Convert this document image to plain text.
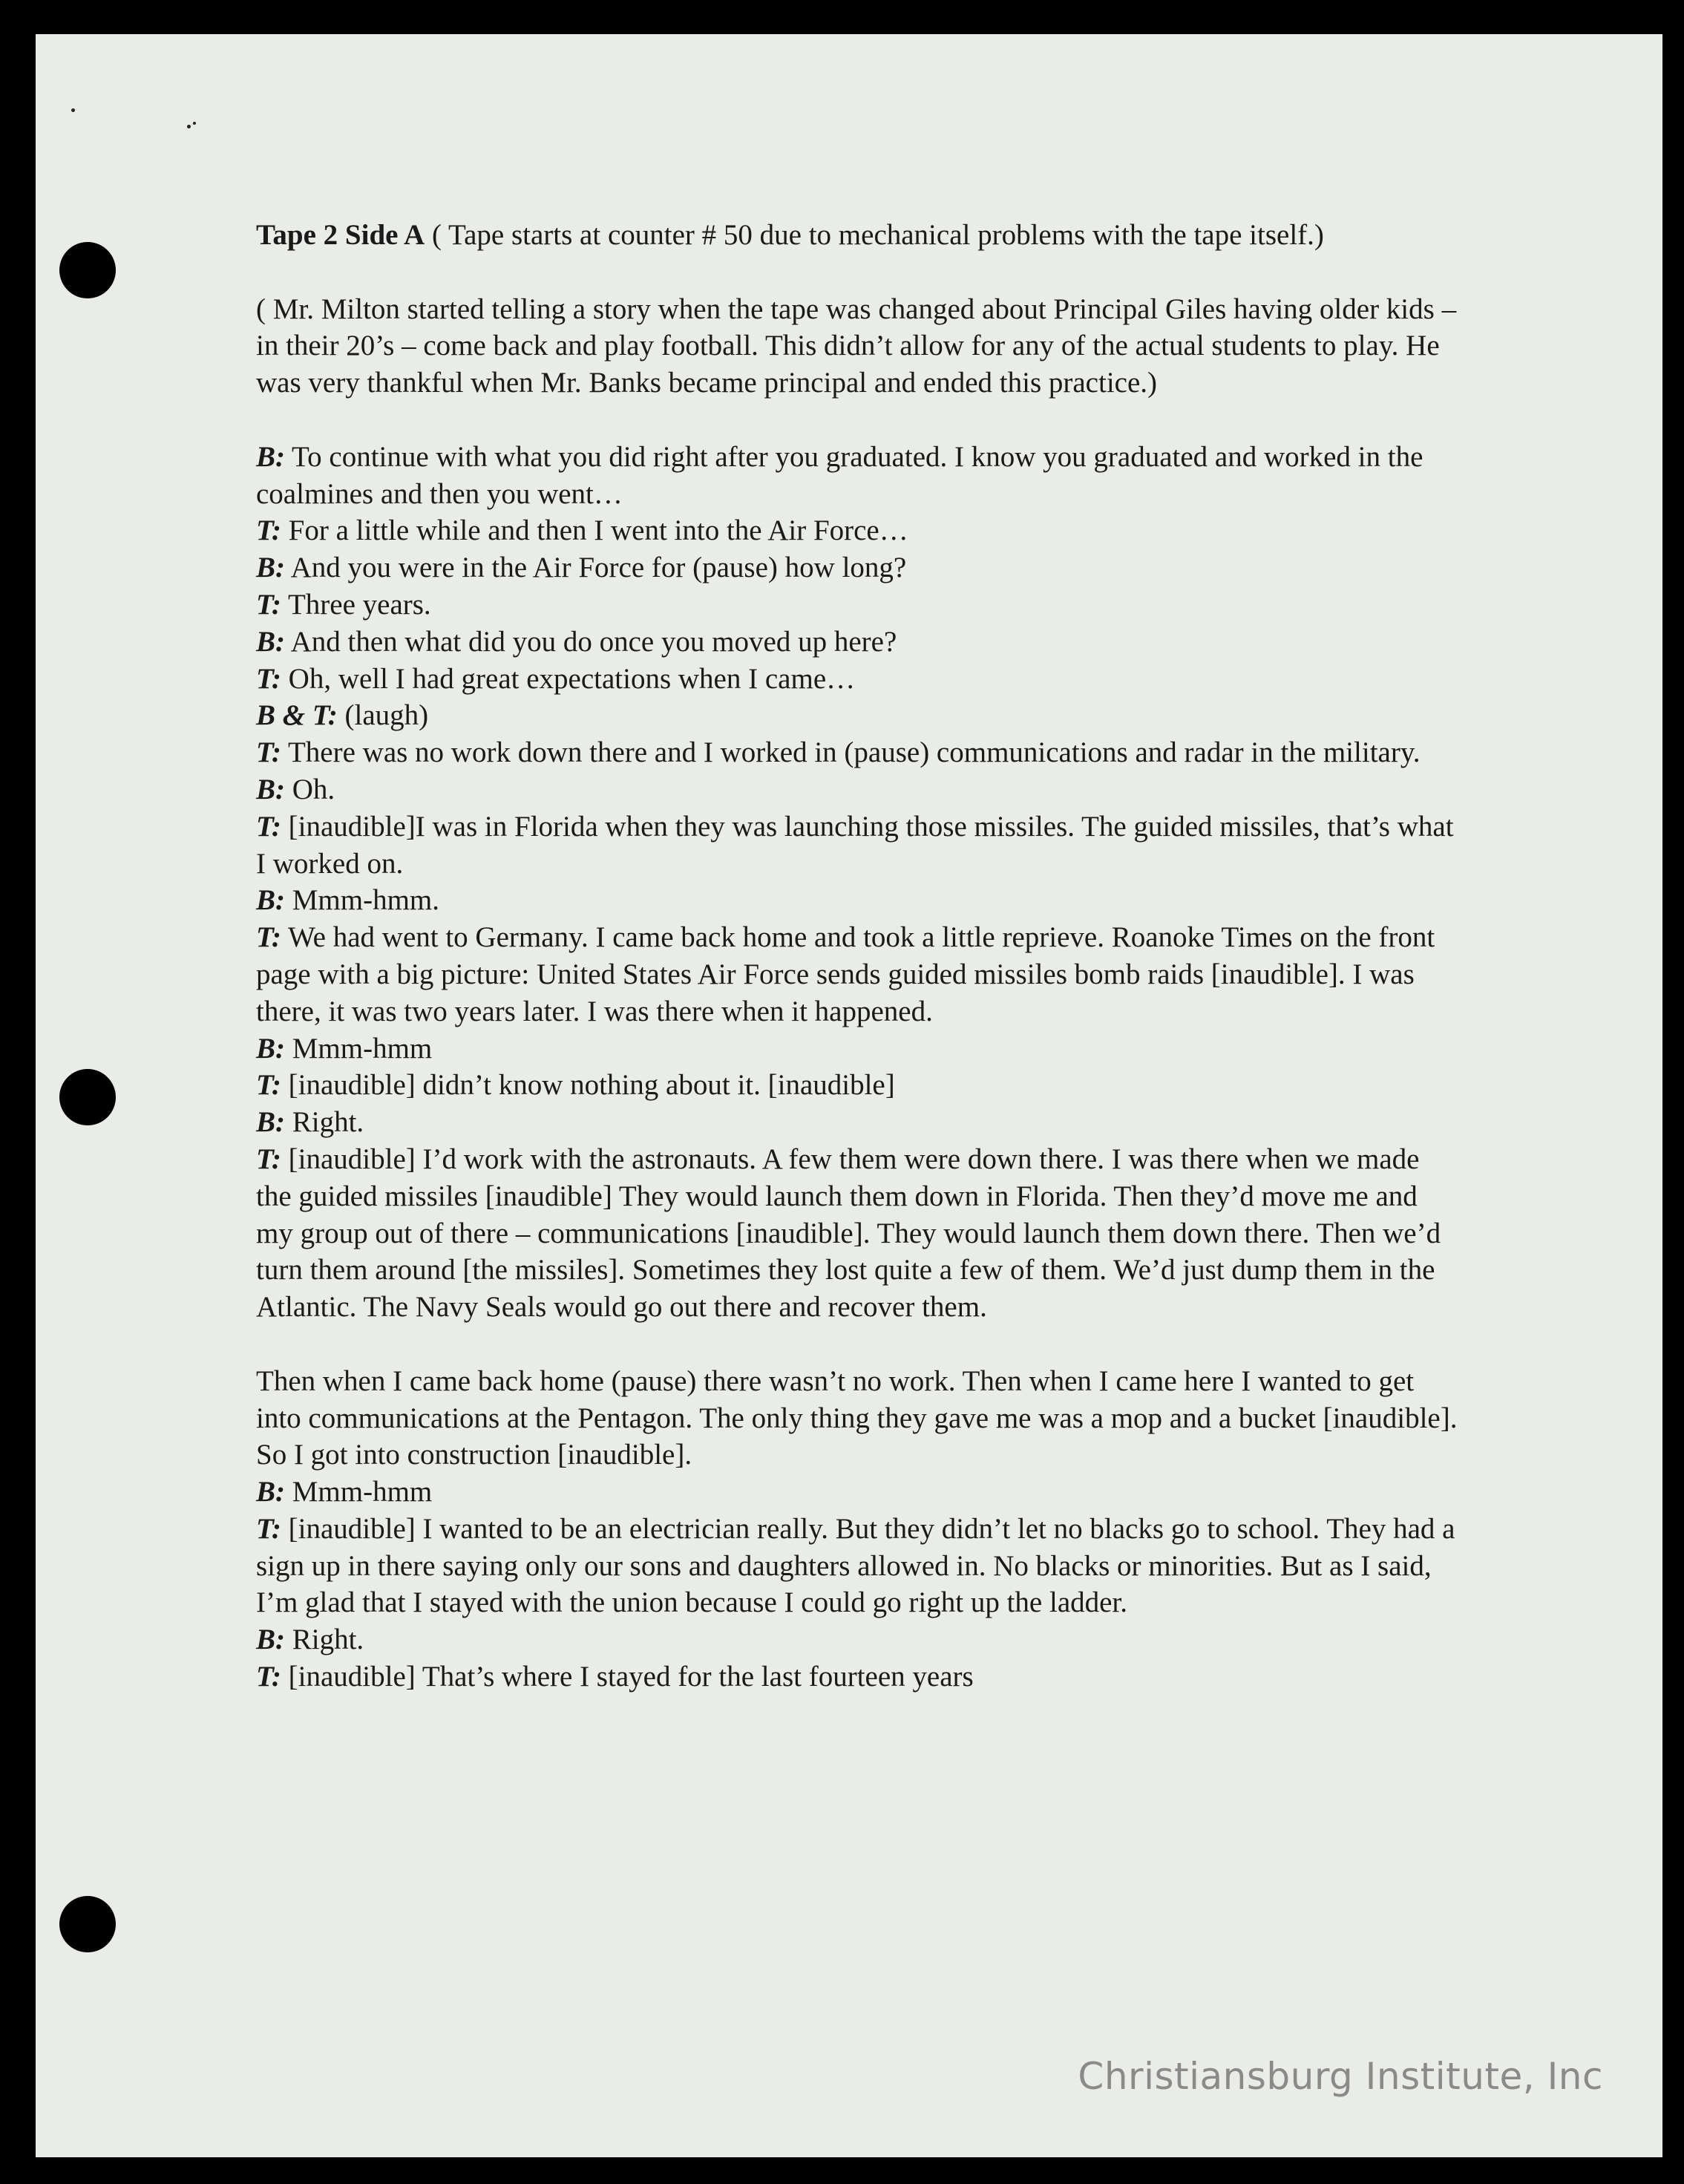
Tape 2 Side A ( Tape starts at counter # 50 due to mechanical problems with the tape itself.)

( Mr. Milton started telling a story when the tape was changed about Principal Giles having older kids – in their 20’s – come back and play football. This didn’t allow for any of the actual students to play. He was very thankful when Mr. Banks became principal and ended this practice.)

B: To continue with what you did right after you graduated. I know you graduated and worked in the coalmines and then you went…

T: For a little while and then I went into the Air Force…

B: And you were in the Air Force for (pause) how long?

T: Three years.

B: And then what did you do once you moved up here?

T: Oh, well I had great expectations when I came…

B & T: (laugh)

T: There was no work down there and I worked in (pause) communications and radar in the military.

B: Oh.

T: [inaudible]I was in Florida when they was launching those missiles. The guided missiles, that’s what I worked on.

B: Mmm-hmm.

T: We had went to Germany. I came back home and took a little reprieve. Roanoke Times on the front page with a big picture: United States Air Force sends guided missiles bomb raids [inaudible]. I was there, it was two years later. I was there when it happened.

B: Mmm-hmm

T: [inaudible] didn’t know nothing about it. [inaudible]

B: Right.

T: [inaudible] I’d work with the astronauts. A few them were down there. I was there when we made the guided missiles [inaudible] They would launch them down in Florida. Then they’d move me and my group out of there – communications [inaudible]. They would launch them down there. Then we’d turn them around [the missiles]. Sometimes they lost quite a few of them. We’d just dump them in the Atlantic. The Navy Seals would go out there and recover them.

Then when I came back home (pause) there wasn’t no work. Then when I came here I wanted to get into communications at the Pentagon. The only thing they gave me was a mop and a bucket [inaudible]. So I got into construction [inaudible].

B: Mmm-hmm

T: [inaudible] I wanted to be an electrician really. But they didn’t let no blacks go to school. They had a sign up in there saying only our sons and daughters allowed in. No blacks or minorities. But as I said, I’m glad that I stayed with the union because I could go right up the ladder.

B: Right.

T: [inaudible] That’s where I stayed for the last fourteen years

Christiansburg Institute, Inc
